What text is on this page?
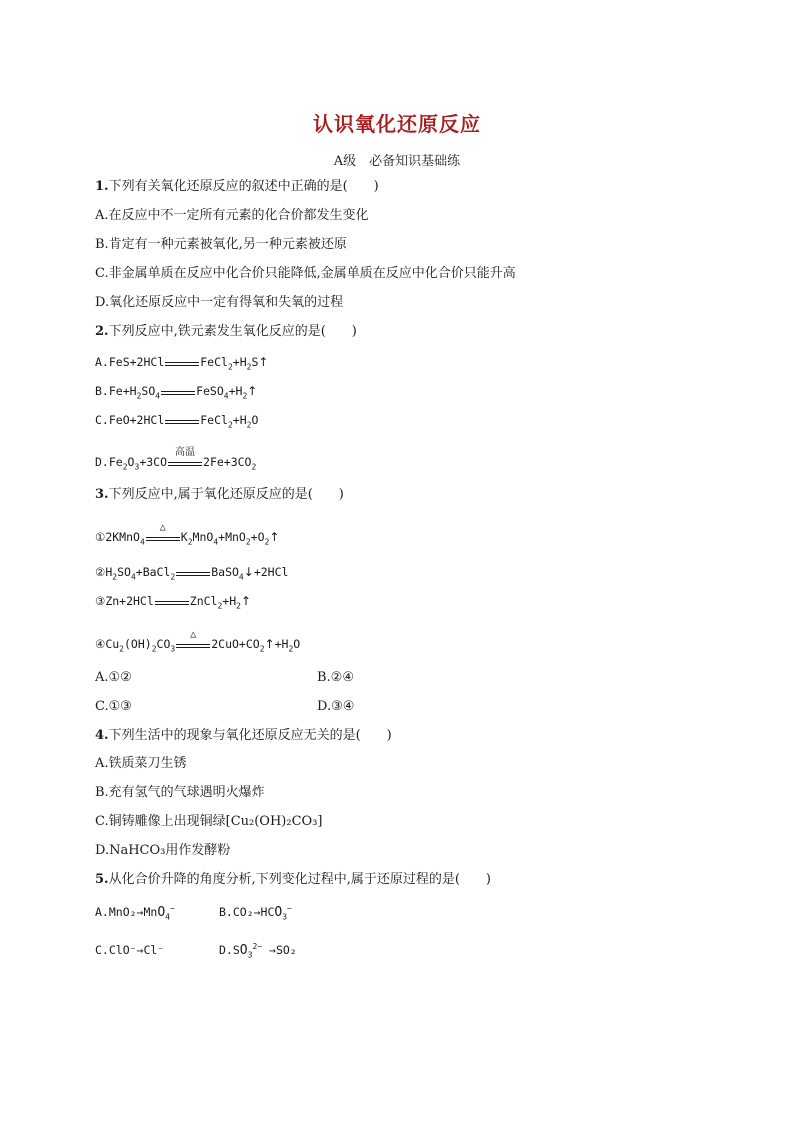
认识氧化还原反应
A级　必备知识基础练
1.下列有关氧化还原反应的叙述中正确的是(　　)
A.在反应中不一定所有元素的化合价都发生变化
B.肯定有一种元素被氧化,另一种元素被还原
C.非金属单质在反应中化合价只能降低,金属单质在反应中化合价只能升高
D.氧化还原反应中一定有得氧和失氧的过程
2.下列反应中,铁元素发生氧化反应的是(　　)
A.FeS+2HCl	$FeCl_2+H_2S↑$
$B.Fe+H_2SO_4$	$FeSO_4+H_2↑$
C.FeO+2HCl	$FeCl_2+H_2O$
$D.Fe_2O_3+3CO$
高温
$2Fe+3CO_2$
3.下列反应中,属于氧化还原反应的是(　　)
①2KMnO$_4$
△
$K_2MnO_4+MnO_2+O_2↑$
$②H_2SO_4+BaCl_2$	BaSO$_4$↓+2HCl
③Zn+2HCl	$ZnCl_2+H_2↑$
$④Cu_2(OH)_2CO_3$
△
$2CuO+CO_2↑+H_2O$
A.①②	B.②④
C.①③	D.③④
4.下列生活中的现象与氧化还原反应无关的是(　　)
A.铁质菜刀生锈
B.充有氢气的气球遇明火爆炸
C.铜铸雕像上出现铜绿[Cu₂(OH)₂CO₃]
D.NaHCO₃用作发酵粉
5.从化合价升降的角度分析,下列变化过程中,属于还原过程的是(　　)
A.MnO₂→MnO$_4$−	$B.CO_2\to HCO_3^-$
C.ClO⁻→Cl⁻	$D.SO_3^{2-} \to SO_2$
